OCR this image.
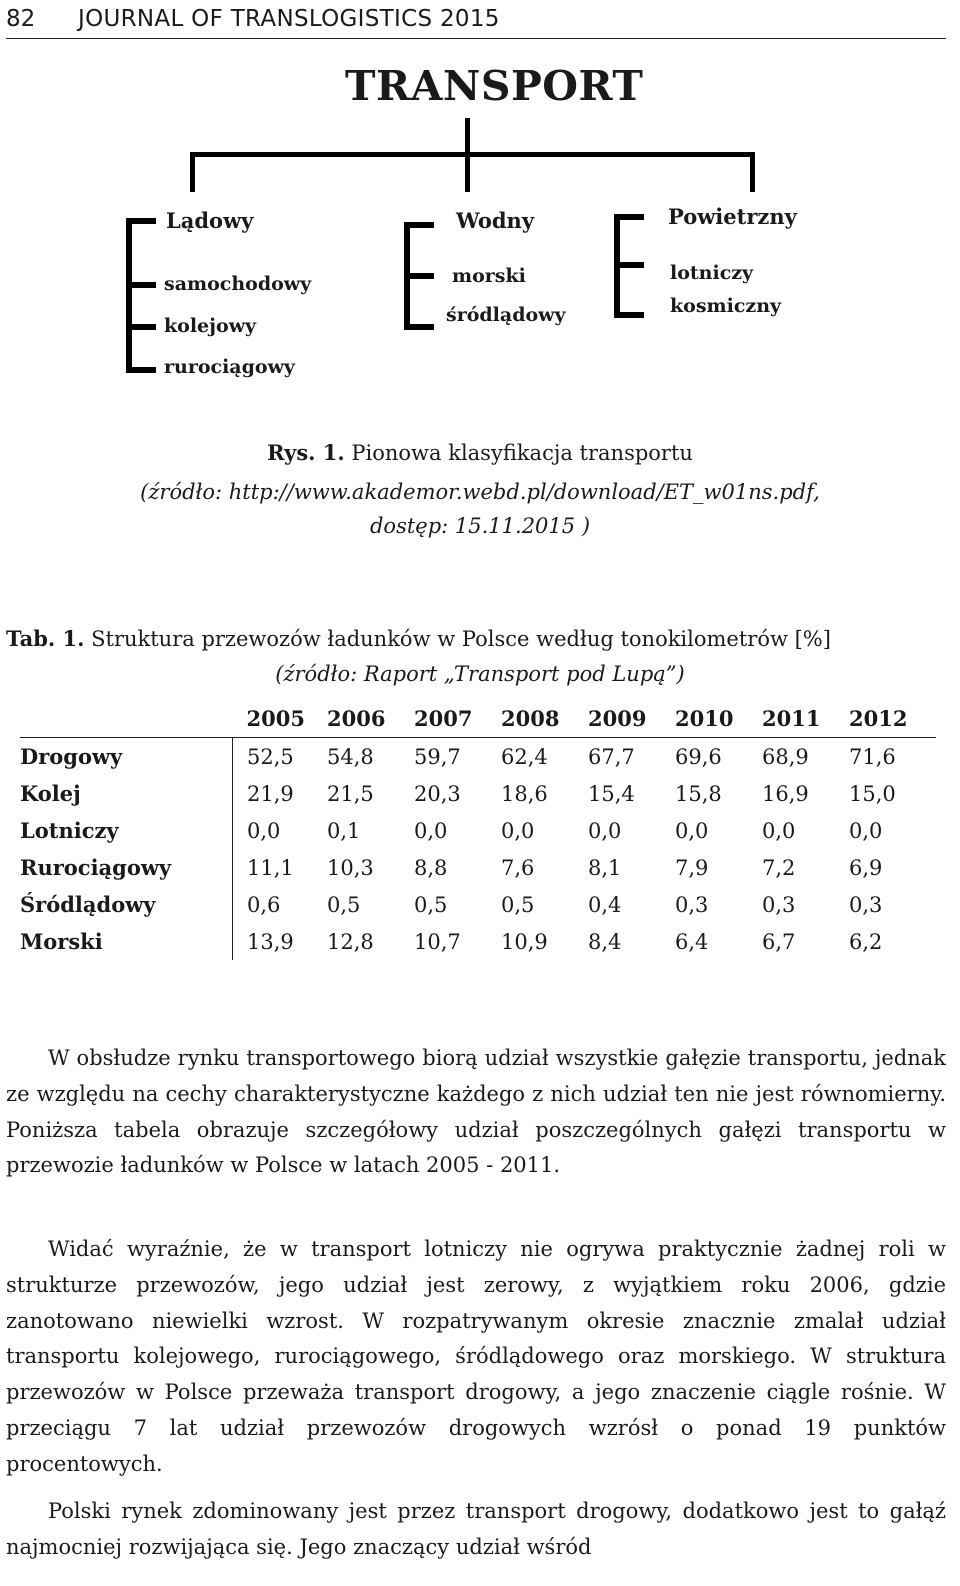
82 JOURNAL OF TRANSLOGISTICS 2015
TRANSPORT
Lądowy
samochodowy
kolejowy
rurociągowy
Wodny
morski
śródlądowy
Powietrzny
lotniczy
kosmiczny
Rys. 1. Pionowa klasyfikacja transportu
(źródło: http://www.akademor.webd.pl/download/ET_w01ns.pdf,
dostęp: 15.11.2015 )
Tab. 1. Struktura przewozów ładunków w Polsce według tonokilometrów [%]
(źródło: Raport „Transport pod Lupą”)
	2005	2006	2007	2008	2009	2010	2011	2012
Drogowy	52,5	54,8	59,7	62,4	67,7	69,6	68,9	71,6
Kolej	21,9	21,5	20,3	18,6	15,4	15,8	16,9	15,0
Lotniczy	0,0	0,1	0,0	0,0	0,0	0,0	0,0	0,0
Rurociągowy	11,1	10,3	8,8	7,6	8,1	7,9	7,2	6,9
Śródlądowy	0,6	0,5	0,5	0,5	0,4	0,3	0,3	0,3
Morski	13,9	12,8	10,7	10,9	8,4	6,4	6,7	6,2

W obsłudze rynku transportowego biorą udział wszystkie gałęzie transportu, jednak ze względu na cechy charakterystyczne każdego z nich udział ten nie jest równomierny. Poniższa tabela obrazuje szczegółowy udział poszczególnych gałęzi transportu w przewozie ładunków w Polsce w latach 2005 - 2011.

Widać wyraźnie, że w transport lotniczy nie ogrywa praktycznie żadnej roli w strukturze przewozów, jego udział jest zerowy, z wyjątkiem roku 2006, gdzie zanotowano niewielki wzrost. W rozpatrywanym okresie znacznie zmalał udział transportu kolejowego, rurociągowego, śródlądowego oraz morskiego. W struktura przewozów w Polsce przeważa transport drogowy, a jego znaczenie ciągle rośnie. W przeciągu 7 lat udział przewozów drogowych wzrósł o ponad 19 punktów procentowych.

Polski rynek zdominowany jest przez transport drogowy, dodatkowo jest to gałąź najmocniej rozwijająca się. Jego znaczący udział wśród
